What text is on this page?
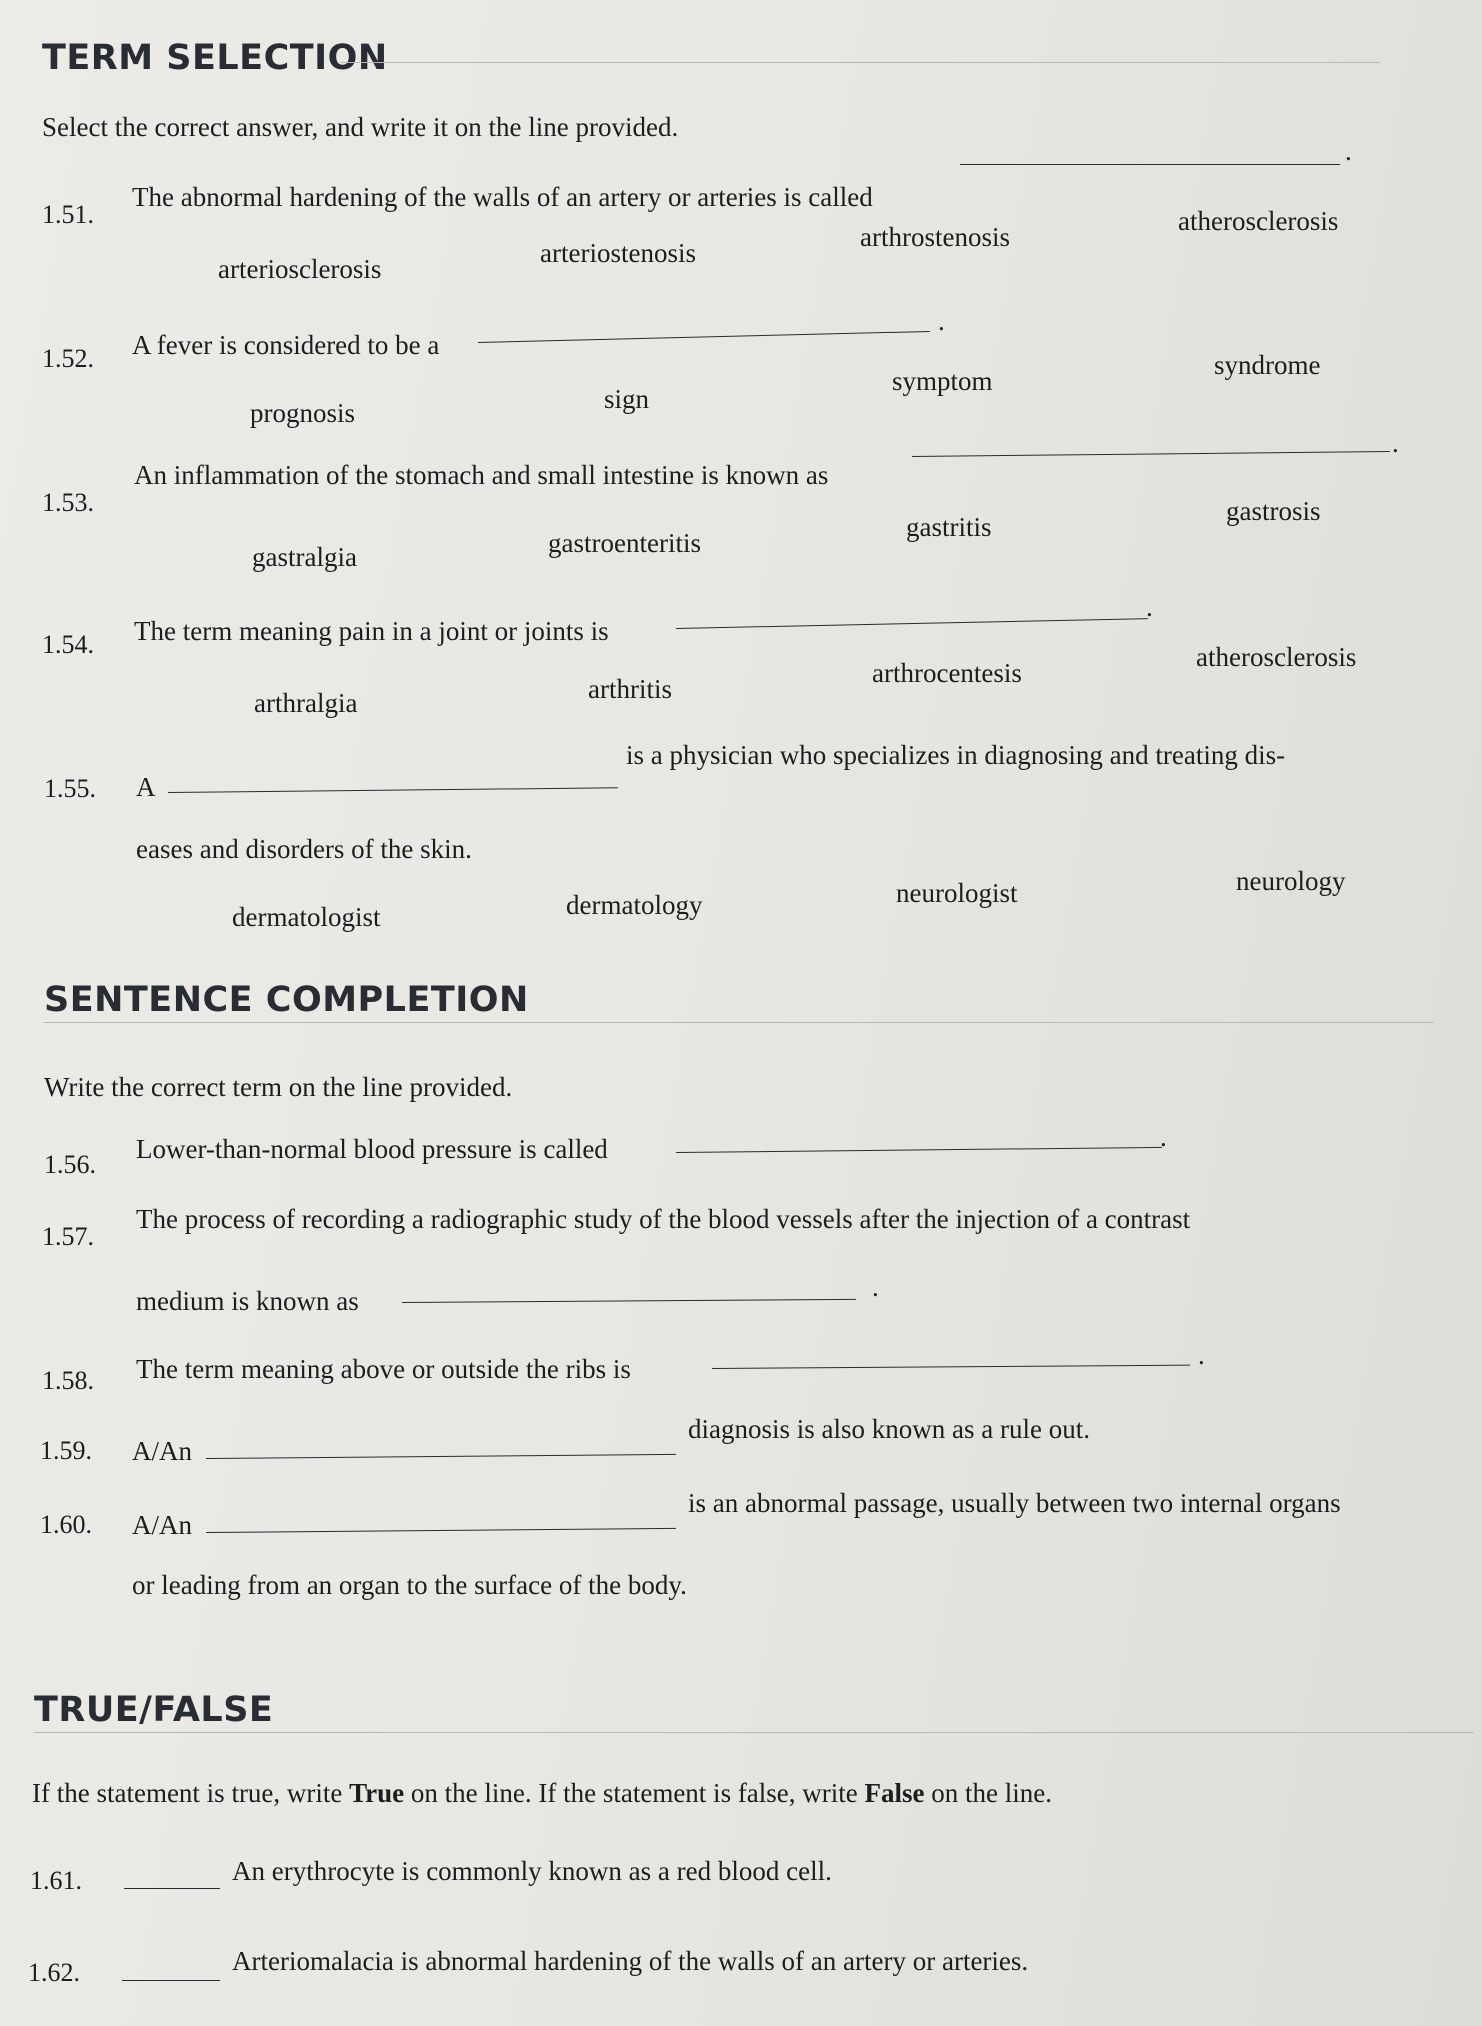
TERM SELECTION
Select the correct answer, and write it on the line provided.
1.51.
The abnormal hardening of the walls of an artery or arteries is called
.
arteriosclerosis
arteriostenosis
arthrostenosis
atherosclerosis
1.52. A fever is considered to be a
.
prognosis	sign
symptom
syndrome
1.53.
An inflammation of the stomach and small intestine is known as
.
gastralgia	gastroenteritis
gastritis
gastrosis
1.54. The term meaning pain in a joint or joints is
.
arthralgia	arthritis
arthrocentesis
atherosclerosis
1.55. A
is a physician who specializes in diagnosing and treating dis-
eases and disorders of the skin.
dermatologist	dermatology	neurologist	neurology
SENTENCE COMPLETION
Write the correct term on the line provided.
1.56.
Lower-than-normal blood pressure is called	.
1.57.
The process of recording a radiographic study of the blood vessels after the injection of a contrast
medium is known as	.
1.58. The term meaning above or outside the ribs is	.
1.59. A/An
diagnosis is also known as a rule out.
1.60. A/An
is an abnormal passage, usually between two internal organs
or leading from an organ to the surface of the body.
TRUE/FALSE
If the statement is true, write True on the line. If the statement is false, write False on the line.
1.61.	An erythrocyte is commonly known as a red blood cell.
1.62.	Arteriomalacia is abnormal hardening of the walls of an artery or arteries.
